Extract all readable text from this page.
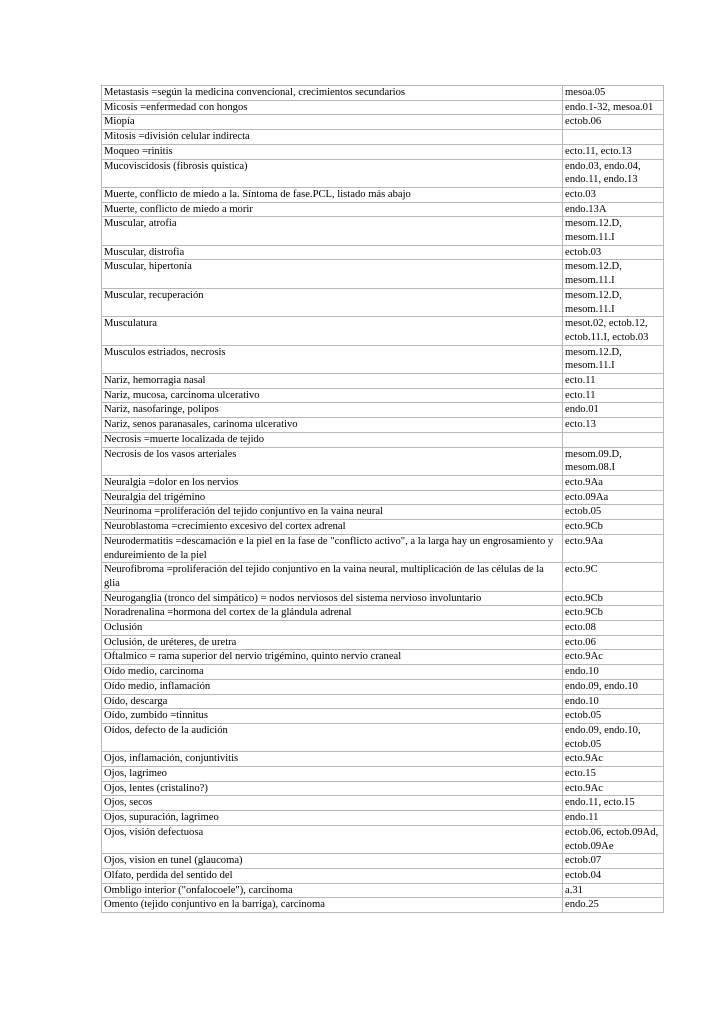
Metastasis =según la medicina convencional, crecimientos secundarios	mesoa.05
Micosis =enfermedad con hongos	endo.1-32, mesoa.01
Miopía	ectob.06
Mitosis =división celular indirecta	
Moqueo =rinitis	ecto.11, ecto.13
Mucoviscidosis (fibrosis quística)	endo.03, endo.04, endo.11, endo.13
Muerte, conflicto de miedo a la. Síntoma de fase.PCL, listado más abajo	ecto.03
Muerte, conflicto de miedo a morir	endo.13A
Muscular, atrofia	mesom.12.D, mesom.11.I
Muscular, distrofia	ectob.03
Muscular, hipertonía	mesom.12.D, mesom.11.I
Muscular, recuperación	mesom.12.D, mesom.11.I
Musculatura	mesot.02, ectob.12, ectob.11.I, ectob.03
Musculos estriados, necrosis	mesom.12.D, mesom.11.I
Nariz, hemorragia nasal	ecto.11
Nariz, mucosa, carcinoma ulcerativo	ecto.11
Nariz, nasofaringe, polipos	endo.01
Nariz, senos paranasales, carinoma ulcerativo	ecto.13
Necrosis =muerte localizada de tejido	
Necrosis de los vasos arteriales	mesom.09.D, mesom.08.I
Neuralgia =dolor en los nervios	ecto.9Aa
Neuralgia del trigémino	ecto.09Aa
Neurinoma =proliferación del tejido conjuntivo en la vaina neural	ectob.05
Neuroblastoma =crecimiento excesivo del cortex adrenal	ecto.9Cb
Neurodermatitis =descamación e la piel en la fase de "conflicto activo", a la larga hay un engrosamiento y endureimiento de la piel	ecto.9Aa
Neurofibroma =proliferación del tejido conjuntivo en la vaina neural, multiplicación de las células de la glia	ecto.9C
Neuroganglia (tronco del simpático) = nodos nerviosos del sistema nervioso involuntario	ecto.9Cb
Noradrenalina =hormona del cortex de la glándula adrenal	ecto.9Cb
Oclusión	ecto.08
Oclusión, de uréteres, de uretra	ecto.06
Oftalmico = rama superior del nervio trigémino, quinto nervio craneal	ecto.9Ac
Oído medio, carcinoma	endo.10
Oído medio, inflamación	endo.09, endo.10
Oído, descarga	endo.10
Oído, zumbido =tinnitus	ectob.05
Oídos, defecto de la audición	endo.09, endo.10, ectob.05
Ojos, inflamación, conjuntivitis	ecto.9Ac
Ojos, lagrimeo	ecto.15
Ojos, lentes (cristalino?)	ecto.9Ac
Ojos, secos	endo.11, ecto.15
Ojos, supuración, lagrimeo	endo.11
Ojos, visión defectuosa	ectob.06, ectob.09Ad, ectob.09Ae
Ojos, vision en tunel (glaucoma)	ectob.07
Olfato, perdida del sentido del	ectob.04
Ombligo interior ("onfalocoele"), carcinoma	a.31
Omento (tejido conjuntivo en la barriga), carcinoma	endo.25
